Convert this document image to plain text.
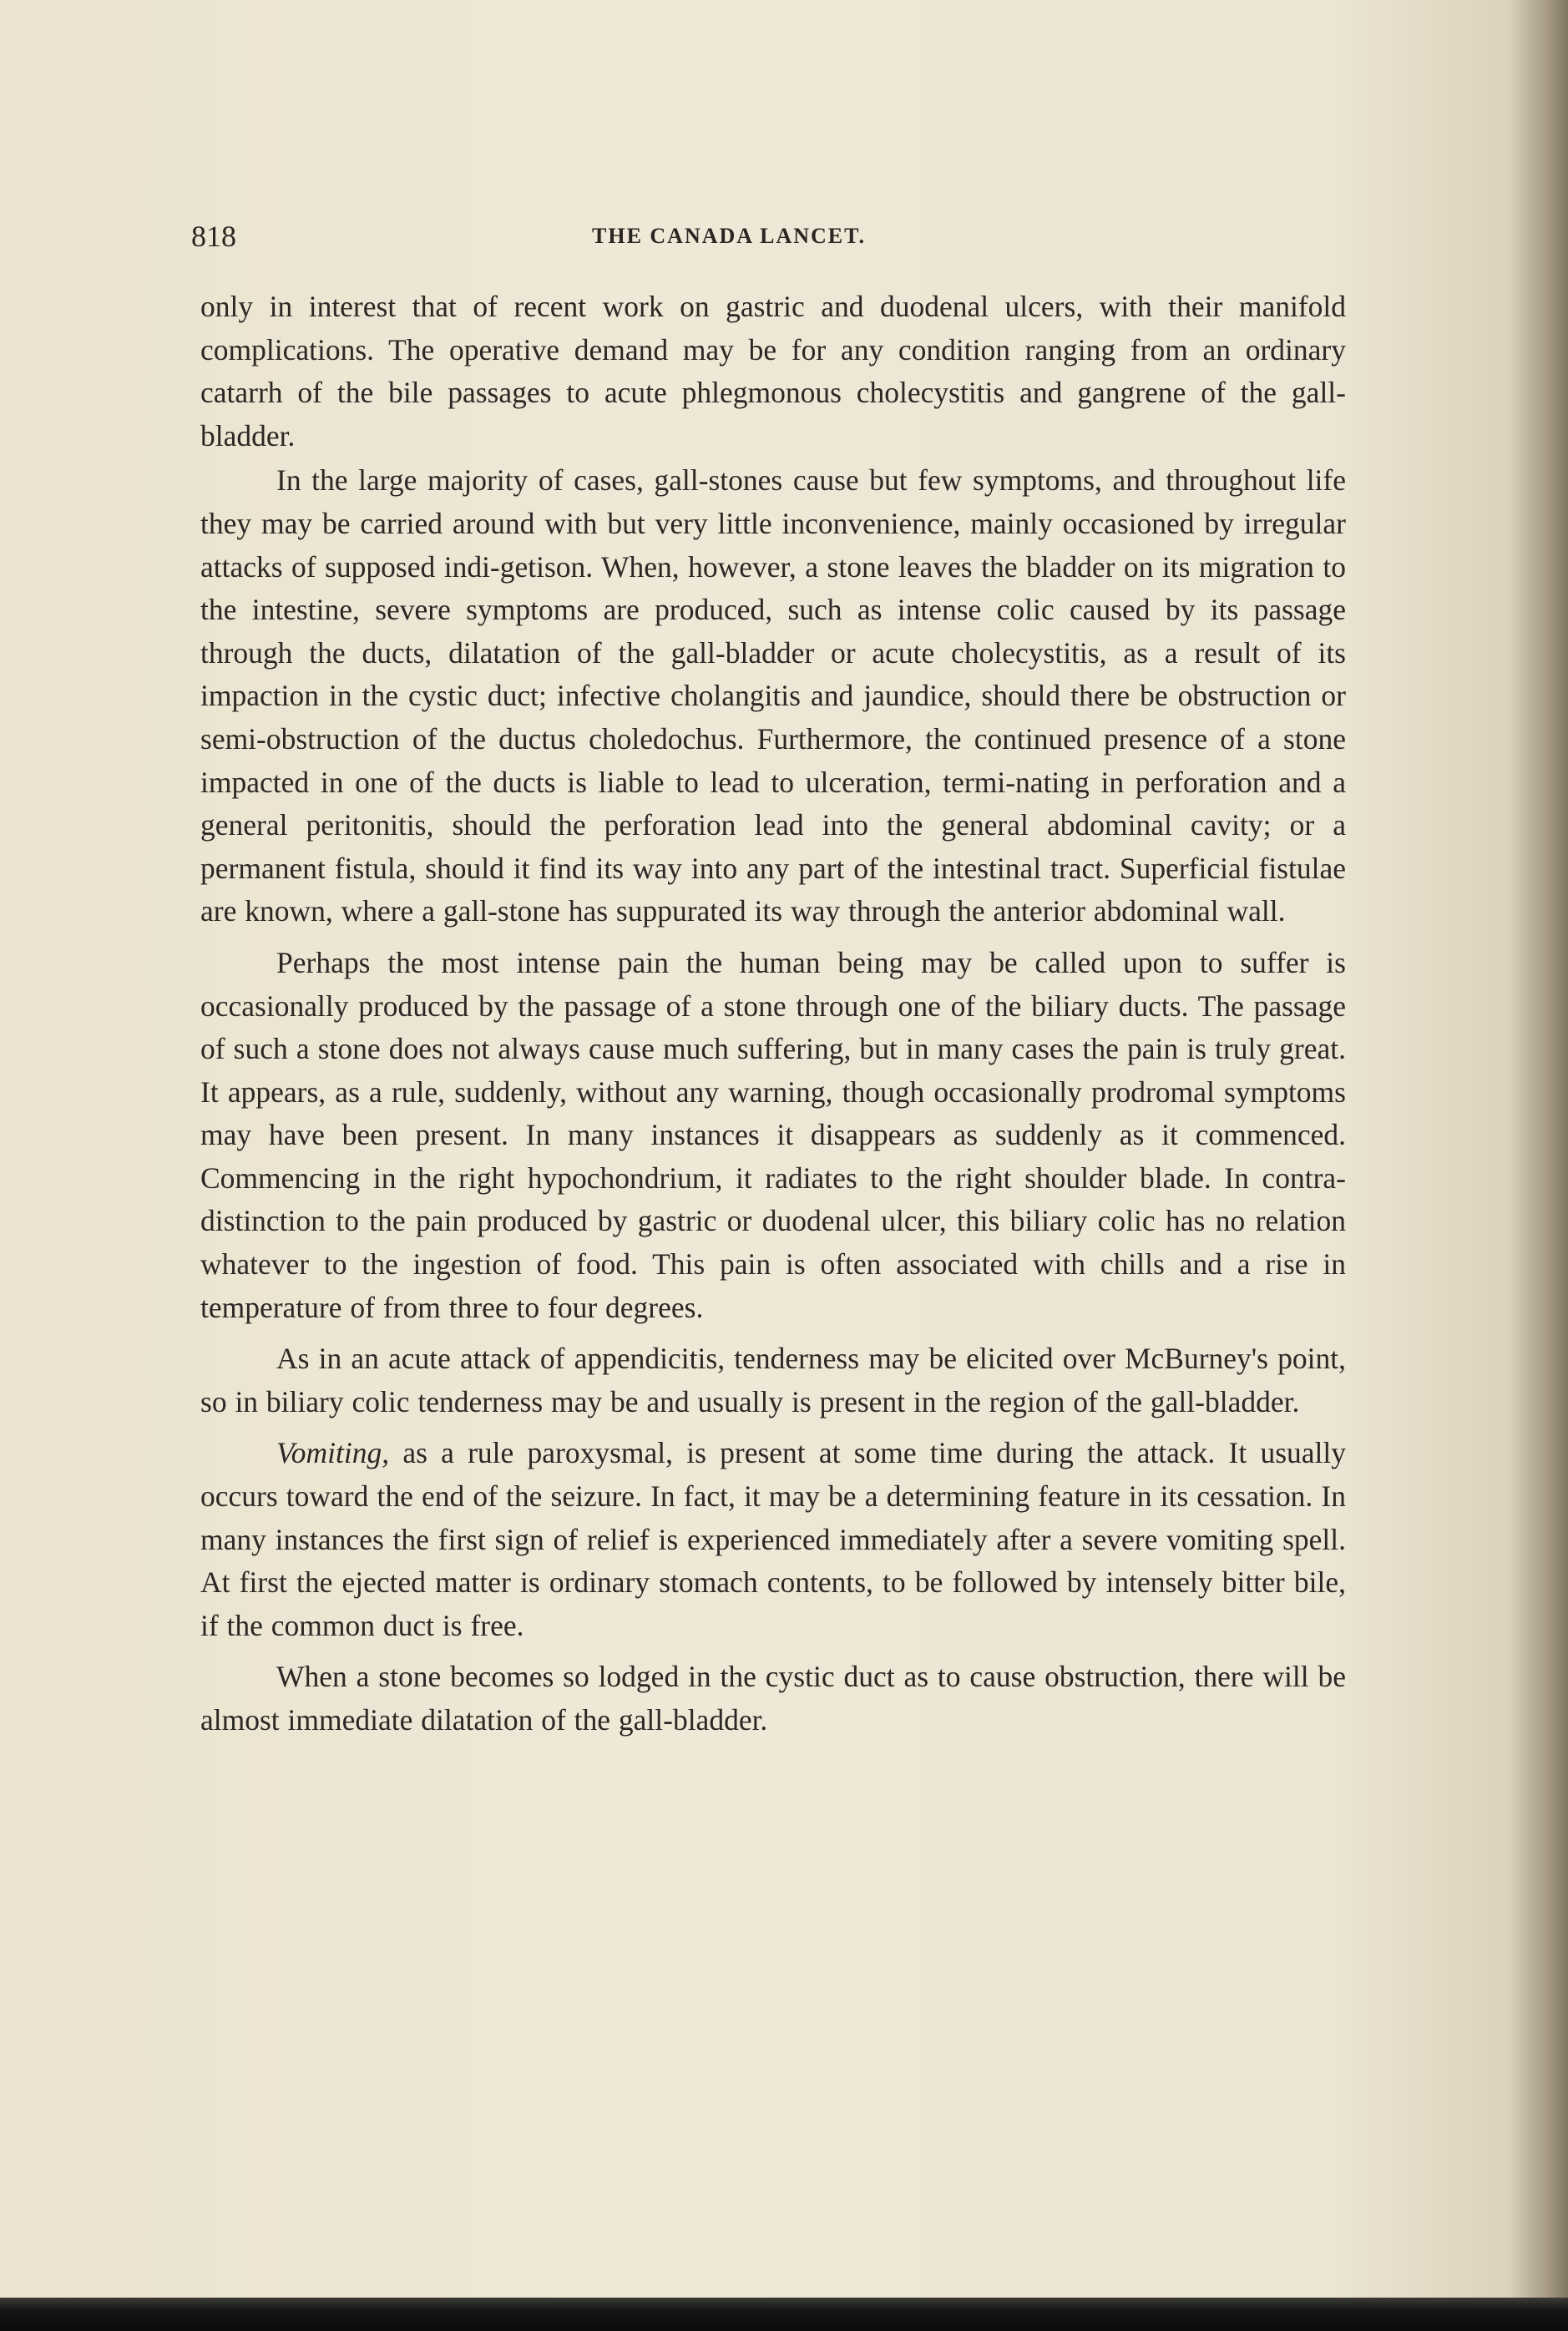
818	THE CANADA LANCET.

only in interest that of recent work on gastric and duodenal ulcers, with their manifold complications. The operative demand may be for any condition ranging from an ordinary catarrh of the bile passages to acute phlegmonous cholecystitis and gangrene of the gall-bladder.

In the large majority of cases, gall-stones cause but few symptoms, and throughout life they may be carried around with but very little inconvenience, mainly occasioned by irregular attacks of supposed indi-getison. When, however, a stone leaves the bladder on its migration to the intestine, severe symptoms are produced, such as intense colic caused by its passage through the ducts, dilatation of the gall-bladder or acute cholecystitis, as a result of its impaction in the cystic duct; infective cholangitis and jaundice, should there be obstruction or semi-obstruction of the ductus choledochus. Furthermore, the continued presence of a stone impacted in one of the ducts is liable to lead to ulceration, termi-nating in perforation and a general peritonitis, should the perforation lead into the general abdominal cavity; or a permanent fistula, should it find its way into any part of the intestinal tract. Superficial fistulae are known, where a gall-stone has suppurated its way through the anterior abdominal wall.

Perhaps the most intense pain the human being may be called upon to suffer is occasionally produced by the passage of a stone through one of the biliary ducts. The passage of such a stone does not always cause much suffering, but in many cases the pain is truly great. It appears, as a rule, suddenly, without any warning, though occasionally prodromal symptoms may have been present. In many instances it disappears as suddenly as it commenced. Commencing in the right hypochondrium, it radiates to the right shoulder blade. In contra-distinction to the pain produced by gastric or duodenal ulcer, this biliary colic has no relation whatever to the ingestion of food. This pain is often associated with chills and a rise in temperature of from three to four degrees.

As in an acute attack of appendicitis, tenderness may be elicited over McBurney's point, so in biliary colic tenderness may be and usually is present in the region of the gall-bladder.

Vomiting, as a rule paroxysmal, is present at some time during the attack. It usually occurs toward the end of the seizure. In fact, it may be a determining feature in its cessation. In many instances the first sign of relief is experienced immediately after a severe vomiting spell. At first the ejected matter is ordinary stomach contents, to be followed by intensely bitter bile, if the common duct is free.

When a stone becomes so lodged in the cystic duct as to cause obstruction, there will be almost immediate dilatation of the gall-bladder.
